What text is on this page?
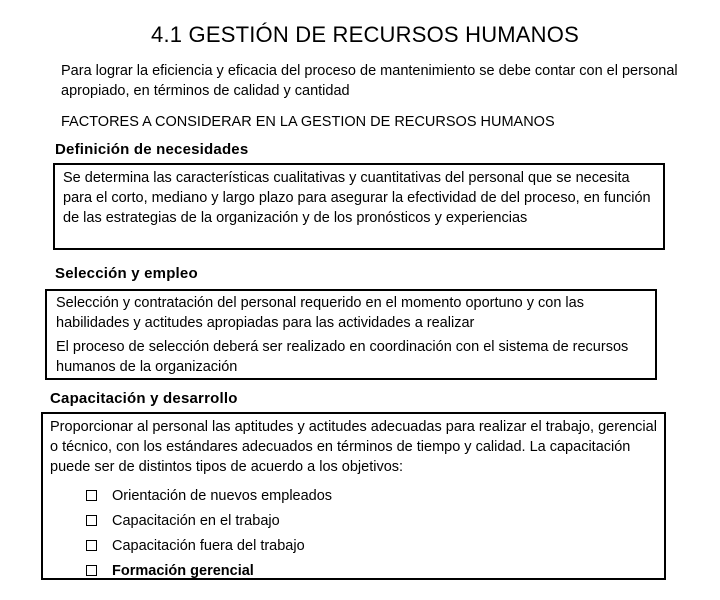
4.1 GESTIÓN DE RECURSOS HUMANOS
Para lograr la eficiencia y eficacia del proceso de mantenimiento se debe contar con el personal apropiado, en términos de calidad y cantidad
FACTORES A CONSIDERAR EN LA GESTION DE RECURSOS HUMANOS
Definición de necesidades

Se determina las características cualitativas y cuantitativas del personal que se necesita para el corto, mediano y largo plazo para asegurar la efectividad de del proceso, en función de las estrategias de la organización y de los pronósticos y experiencias

Selección y empleo

Selección y contratación del personal requerido en el momento oportuno y con las habilidades y actitudes apropiadas para las actividades a realizar

El proceso de selección deberá ser realizado en coordinación con el sistema de recursos humanos de la organización

Capacitación y desarrollo

Proporcionar al personal las aptitudes y actitudes adecuadas para realizar el trabajo, gerencial o técnico, con los estándares adecuados en términos de tiempo y calidad. La capacitación puede ser de distintos tipos de acuerdo a los objetivos:

Orientación de nuevos empleados
Capacitación en el trabajo
Capacitación fuera del trabajo
Formación gerencial
